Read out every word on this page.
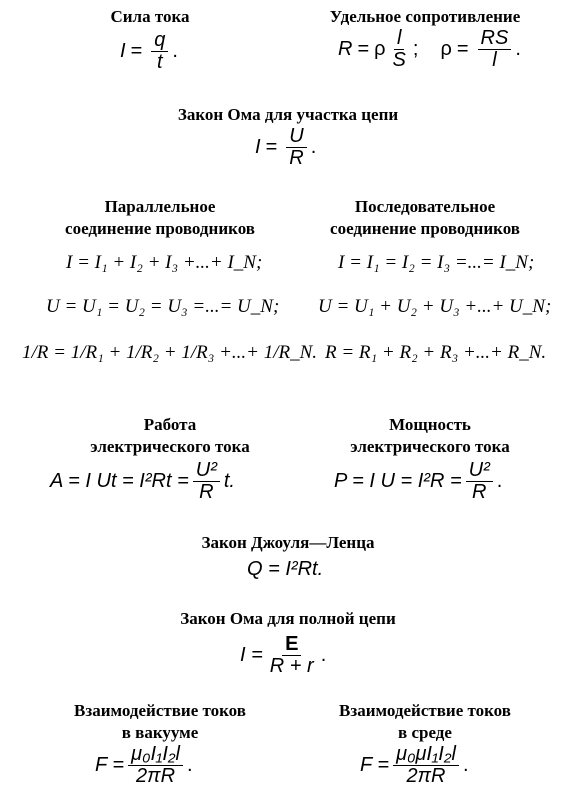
Сила тока
$I = \frac{q}{t}$ .
Удельное сопротивление
R = ρ $\frac{l}{S}$ ; $\rho = \frac{RS}{l}$ .
Закон Ома для участка цепи
$I = \frac{U}{R}$ .
Параллельное
соединение проводников
I = I₁ + I₂ + I₃ +...+ I_N;
U = U₁ = U₂ = U₃ =...= U_N;
1/R = 1/R₁ + 1/R₂ + 1/R₃ +...+ 1/R_N.
Последовательное
соединение проводников
I = I₁ = I₂ = I₃ =...= I_N;
U = U₁ + U₂ + U₃ +...+ U_N;
R = R₁ + R₂ + R₃ +...+ R_N.
Работа
электрического тока
A = I $Ut = I^2Rt = \frac{\text{U²}}{R} t$.
Мощность
электрического тока
P = I $U = I^2R = \frac{\text{U²}}{R}$ .
Закон Джоуля—Ленца
Q = I²Rt.
Закон Ома для полной цепи
$I = \frac{E}{R + r}$ .
Взаимодействие токов
в вакууме
$F = \frac{\text{μ₀I₁I₂l}}{2\pi R}$ .
Взаимодействие токов
в среде
$F = \frac{\text{μ₀μI₁I₂l}}{2\pi R}$ .
